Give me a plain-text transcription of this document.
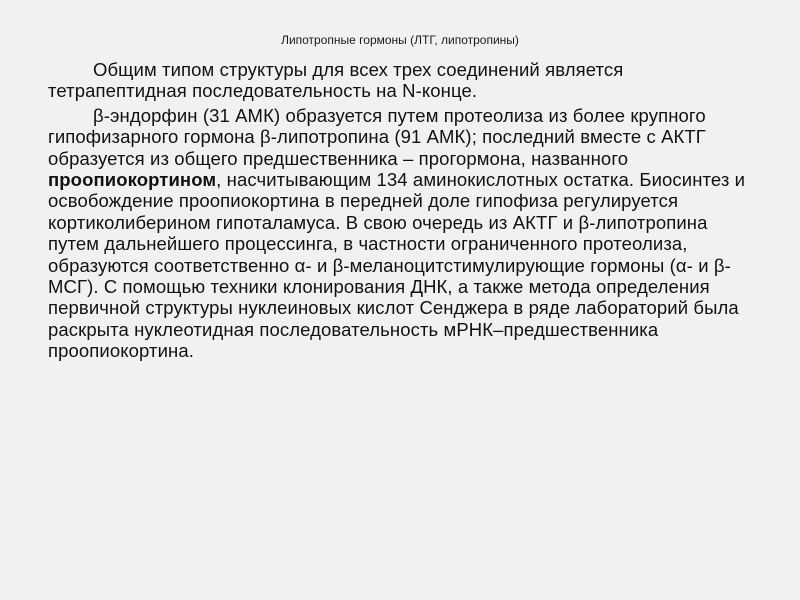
Липотропные гормоны (ЛТГ, липотропины)

Общим типом структуры для всех трех соединений является тетрапептидная последовательность на N-конце.

β-эндорфин (31 АМК) образуется путем протеолиза из более крупного гипофизарного гормона β-липотропина (91 АМК); последний вместе с АКТГ образуется из общего предшественника – прогормона, названного проопиокортином, насчитывающим 134 аминокислотных остатка. Биосинтез и освобождение проопиокортина в передней доле гипофиза регулируется кортиколиберином гипоталамуса. В свою очередь из АКТГ и β-липотропина путем дальнейшего процессинга, в частности ограниченного протеолиза, образуются соответственно α- и β-меланоцитстимулирующие гормоны (α- и β-МСГ). С помощью техники клонирования ДНК, а также метода определения первичной структуры нуклеиновых кислот Сенджера в ряде лабораторий была раскрыта нуклеотидная последовательность мРНК–предшественника проопиокортина.
